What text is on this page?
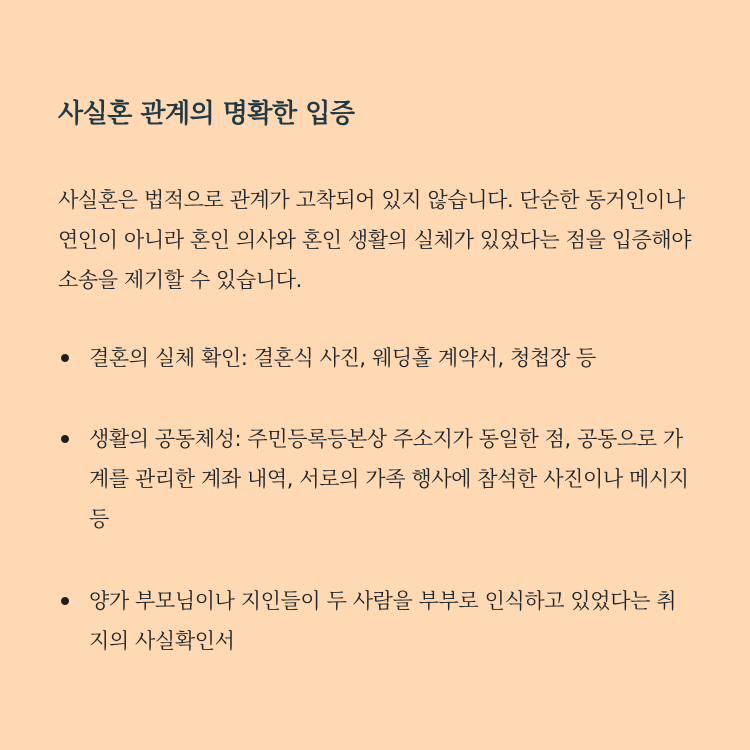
사실혼 관계의 명확한 입증

사실혼은 법적으로 관계가 고착되어 있지 않습니다. 단순한 동거인이나 연인이 아니라 혼인 의사와 혼인 생활의 실체가 있었다는 점을 입증해야 소송을 제기할 수 있습니다.

결혼의 실체 확인: 결혼식 사진, 웨딩홀 계약서, 청첩장 등
생활의 공동체성: 주민등록등본상 주소지가 동일한 점, 공동으로 가계를 관리한 계좌 내역, 서로의 가족 행사에 참석한 사진이나 메시지 등
양가 부모님이나 지인들이 두 사람을 부부로 인식하고 있었다는 취지의 사실확인서
